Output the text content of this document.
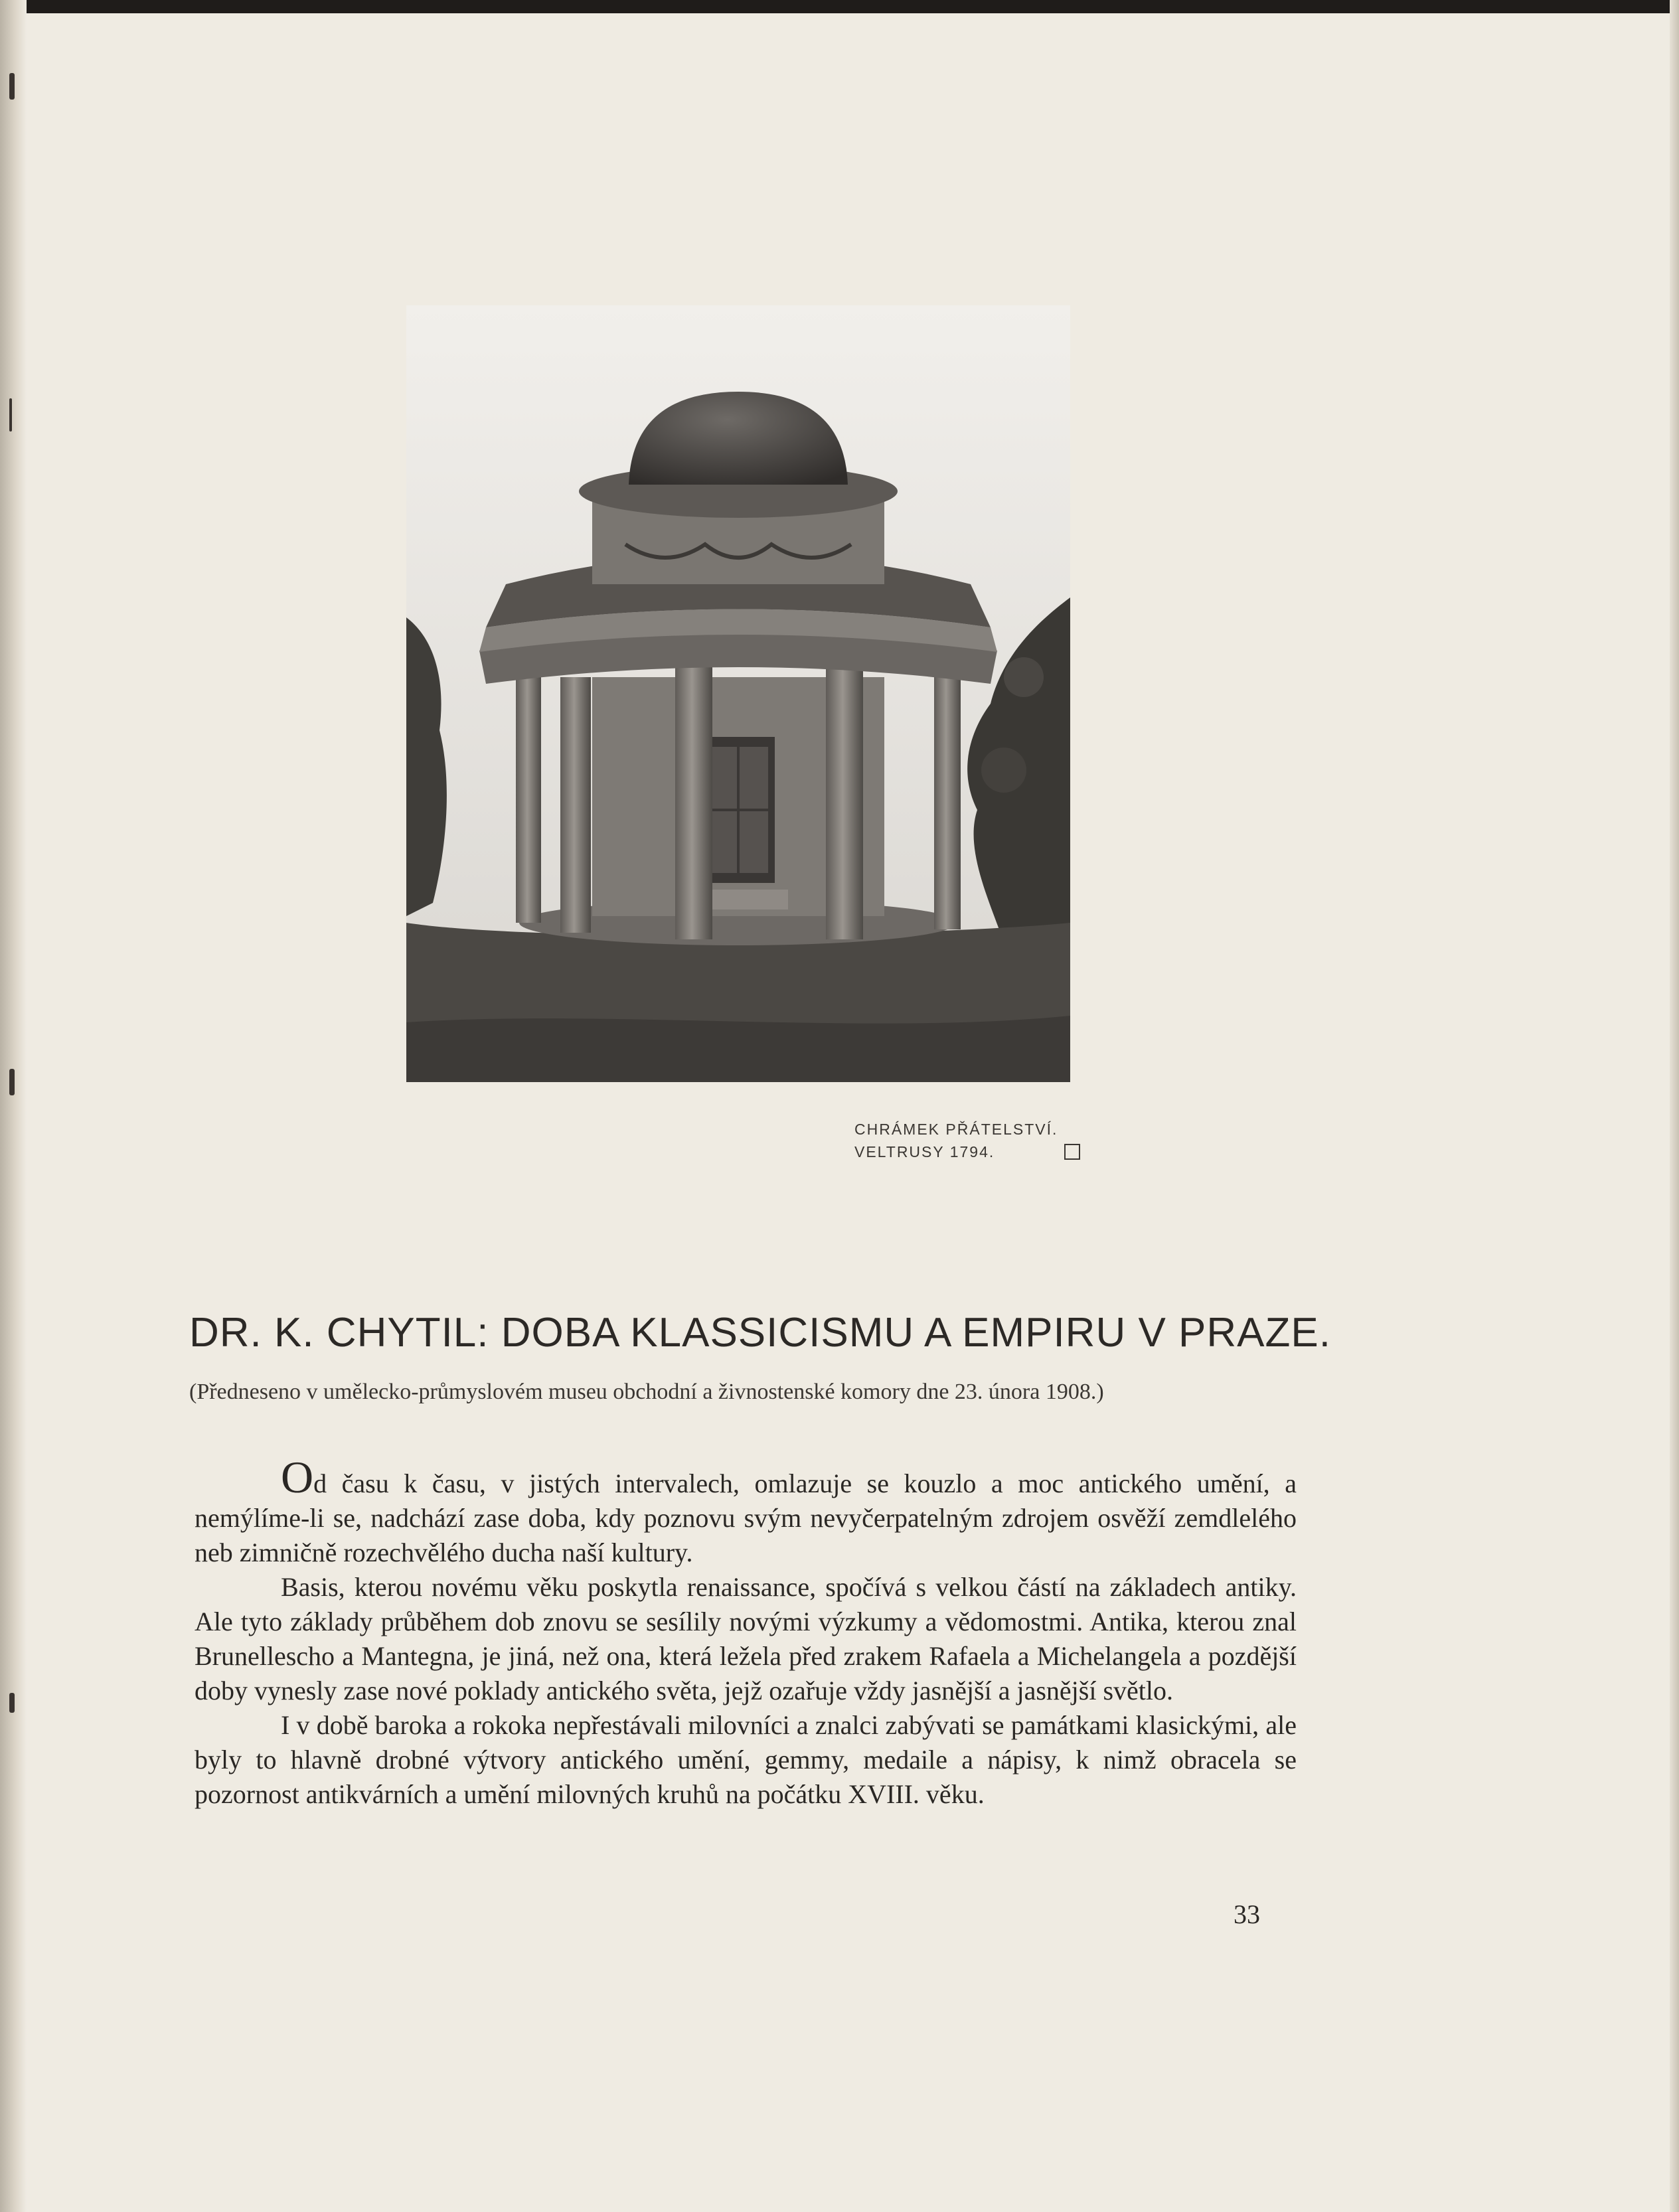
CHRÁMEK PŘÁTELSTVÍ.
VELTRUSY 1794.
DR. K. CHYTIL: DOBA KLASSICISMU A EMPIRU V PRAZE.
(Předneseno v umělecko-průmyslovém museu obchodní a živnostenské komory dne 23. února 1908.)

Od času k času, v jistých intervalech, omlazuje se kouzlo a moc antického umění, a nemýlíme-li se, nadchází zase doba, kdy poznovu svým nevyčerpatelným zdrojem osvěží zemdlelého neb zimničně rozechvělého ducha naší kultury.

Basis, kterou novému věku poskytla renaissance, spočívá s velkou částí na základech antiky. Ale tyto základy průběhem dob znovu se sesílily novými výzkumy a vědomostmi. Antika, kterou znal Brunellescho a Mantegna, je jiná, než ona, která ležela před zrakem Rafaela a Michelangela a pozdější doby vynesly zase nové poklady antického světa, jejž ozařuje vždy jasnější a jasnější světlo.

I v době baroka a rokoka nepřestávali milovníci a znalci zabývati se památkami klasickými, ale byly to hlavně drobné výtvory antického umění, gemmy, medaile a nápisy, k nimž obracela se pozornost antikvárních a umění milovných kruhů na počátku XVIII. věku.

33
